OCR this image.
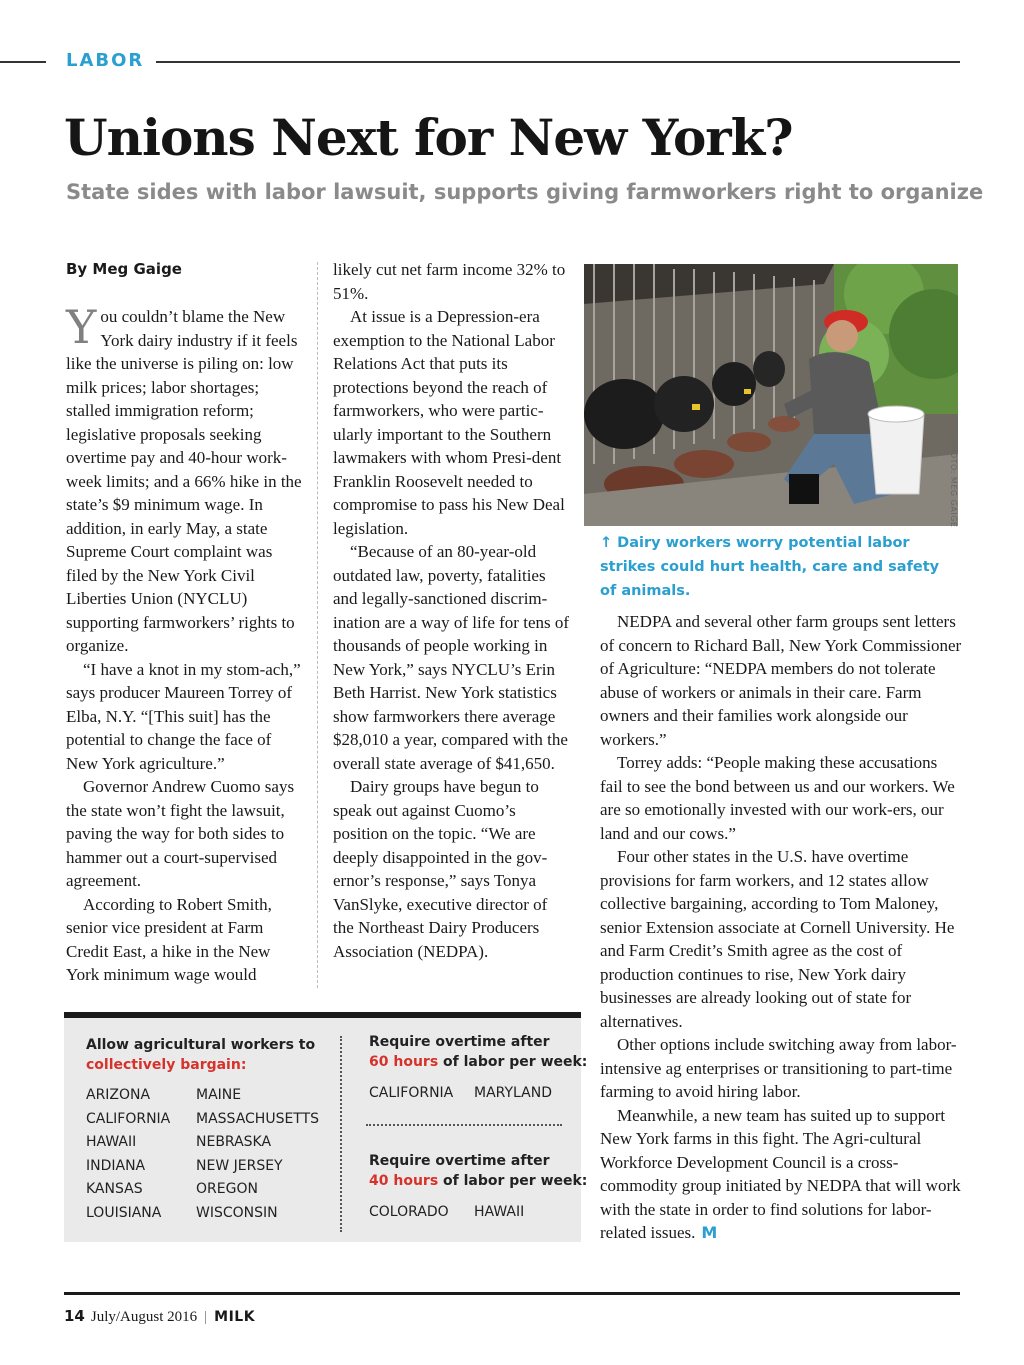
LABOR
Unions Next for New York?
State sides with labor lawsuit, supports giving farmworkers right to organize
By Meg Gaige

You couldn’t blame the New York dairy industry if it feels like the universe is piling on: low milk prices; labor shortages; stalled immigration reform; legislative proposals seeking overtime pay and 40-hour work-week limits; and a 66% hike in the state’s $9 minimum wage. In addition, in early May, a state Supreme Court complaint was filed by the New York Civil Liberties Union (NYCLU) supporting farmworkers’ rights to organize.

“I have a knot in my stom-ach,” says producer Maureen Torrey of Elba, N.Y. “[This suit] has the potential to change the face of New York agriculture.”

Governor Andrew Cuomo says the state won’t fight the lawsuit, paving the way for both sides to hammer out a court-supervised agreement.

According to Robert Smith, senior vice president at Farm Credit East, a hike in the New York minimum wage would

likely cut net farm income 32% to 51%.

At issue is a Depression-era exemption to the National Labor Relations Act that puts its protections beyond the reach of farmworkers, who were partic-ularly important to the Southern lawmakers with whom Presi-dent Franklin Roosevelt needed to compromise to pass his New Deal legislation.

“Because of an 80-year-old outdated law, poverty, fatalities and legally-sanctioned discrim-ination are a way of life for tens of thousands of people working in New York,” says NYCLU’s Erin Beth Harrist. New York statistics show farmworkers there average $28,010 a year, compared with the overall state average of $41,650.

Dairy groups have begun to speak out against Cuomo’s position on the topic. “We are deeply disappointed in the gov-ernor’s response,” says Tonya VanSlyke, executive director of the Northeast Dairy Producers Association (NEDPA).

PHOTO: MEG GAIGE
↑ Dairy workers worry potential labor strikes could hurt health, care and safety of animals.

NEDPA and several other farm groups sent letters of concern to Richard Ball, New York Commissioner of Agriculture: “NEDPA members do not tolerate abuse of workers or animals in their care. Farm owners and their families work alongside our workers.”

Torrey adds: “People making these accusations fail to see the bond between us and our workers. We are so emotionally invested with our work-ers, our land and our cows.”

Four other states in the U.S. have overtime provisions for farm workers, and 12 states allow collective bargaining, according to Tom Maloney, senior Extension associate at Cornell University. He and Farm Credit’s Smith agree as the cost of production continues to rise, New York dairy businesses are already looking out of state for alternatives.

Other options include switching away from labor-intensive ag enterprises or transitioning to part-time farming to avoid hiring labor.

Meanwhile, a new team has suited up to support New York farms in this fight. The Agri-cultural Workforce Development Council is a cross-commodity group initiated by NEDPA that will work with the state in order to find solutions for labor-related issues. M

Allow agricultural workers to
collectively bargain:
ARIZONA
CALIFORNIA
HAWAII
INDIANA
KANSAS
LOUISIANA
MAINE
MASSACHUSETTS
NEBRASKA
NEW JERSEY
OREGON
WISCONSIN
Require overtime after
60 hours of labor per week:
CALIFORNIA MARYLAND
Require overtime after
40 hours of labor per week:
COLORADO HAWAII
14 July/August 2016 | MILK
